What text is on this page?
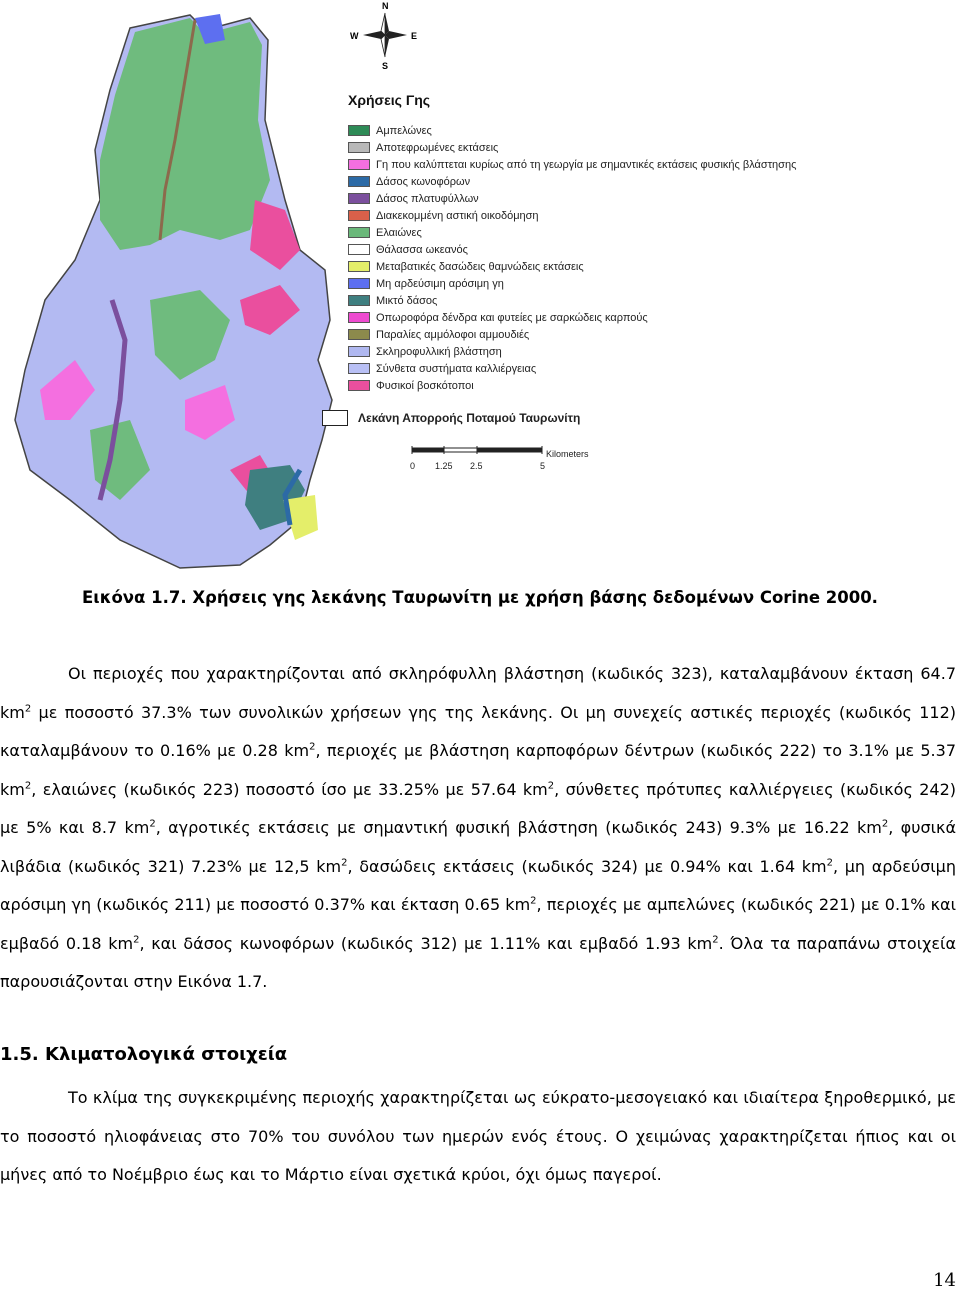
N
S
E
W
Χρήσεις Γης
Αμπελώνες
Αποτεφρωμένες εκτάσεις
Γη που καλύπτεται κυρίως από τη γεωργία με σημαντικές εκτάσεις φυσικής βλάστησης
Δάσος κωνοφόρων
Δάσος πλατυφύλλων
Διακεκομμένη αστική οικοδόμηση
Ελαιώνες
Θάλασσα ωκεανός
Μεταβατικές δασώδεις θαμνώδεις εκτάσεις
Μη αρδεύσιμη αρόσιμη γη
Μικτό δάσος
Οπωροφόρα δένδρα και φυτείες με σαρκώδεις καρπούς
Παραλίες αμμόλοφοι αμμουδιές
Σκληροφυλλική βλάστηση
Σύνθετα συστήματα καλλιέργειας
Φυσικοί βοσκότοποι
Λεκάνη Απορροής Ποταμού Ταυρωνίτη
Kilometers
0 1.25 2.5	5
Εικόνα 1.7. Χρήσεις γης λεκάνης Ταυρωνίτη με χρήση βάσης δεδομένων Corine 2000.

Οι περιοχές που χαρακτηρίζονται από σκληρόφυλλη βλάστηση (κωδικός 323), καταλαμβάνουν έκταση 64.7 $km^2$ με ποσοστό 37.3% των συνολικών χρήσεων γης της λεκάνης. Οι μη συνεχείς αστικές περιοχές (κωδικός 112) καταλαμβάνουν το 0.16% με 0.28 $km^2$, περιοχές με βλάστηση καρποφόρων δέντρων (κωδικός 222) το 3.1% με 5.37 $km^2$, ελαιώνες (κωδικός 223) ποσοστό ίσο με 33.25% με 57.64 $km^2$, σύνθετες πρότυπες καλλιέργειες (κωδικός 242) με 5% και 8.7 $km^2$, αγροτικές εκτάσεις με σημαντική φυσική βλάστηση (κωδικός 243) 9.3% με 16.22 $km^2$, φυσικά λιβάδια (κωδικός 321) 7.23% με 12,5 $km^2$, δασώδεις εκτάσεις (κωδικός 324) με 0.94% και 1.64 $km^2$, μη αρδεύσιμη αρόσιμη γη (κωδικός 211) με ποσοστό 0.37% και έκταση 0.65 $km^2$, περιοχές με αμπελώνες (κωδικός 221) με 0.1% και εμβαδό 0.18 $km^2$, και δάσος κωνοφόρων (κωδικός 312) με 1.11% και εμβαδό 1.93 $km^2$. Όλα τα παραπάνω στοιχεία παρουσιάζονται στην Εικόνα 1.7.

1.5. Κλιματολογικά στοιχεία

Το κλίμα της συγκεκριμένης περιοχής χαρακτηρίζεται ως εύκρατο-μεσογειακό και ιδιαίτερα ξηροθερμικό, με το ποσοστό ηλιοφάνειας στο 70% του συνόλου των ημερών ενός έτους. Ο χειμώνας χαρακτηρίζεται ήπιος και οι μήνες από το Νοέμβριο έως και το Μάρτιο είναι σχετικά κρύοι, όχι όμως παγεροί.

14
